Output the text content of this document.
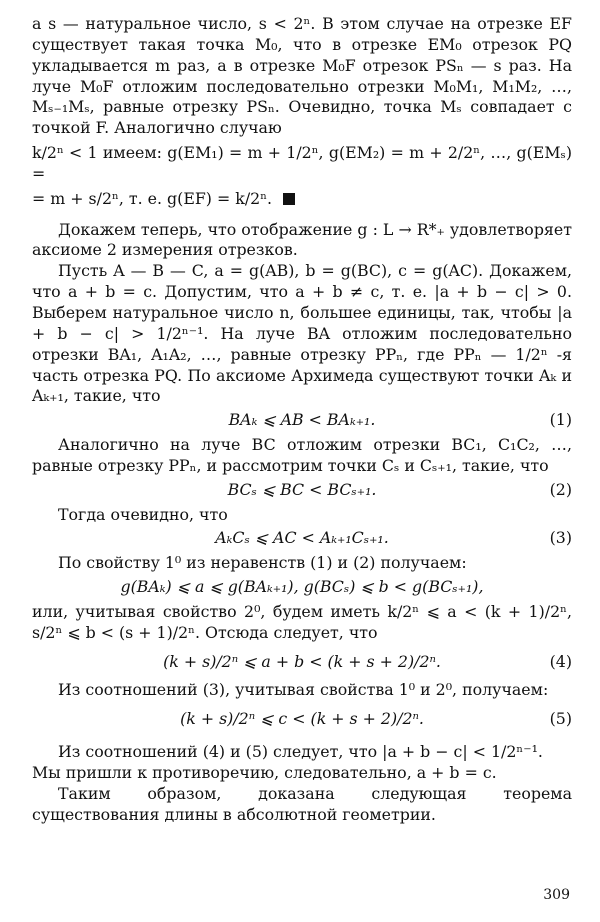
a s — натуральное число, s < 2ⁿ. В этом случае на отрезке EF существует такая точка M₀, что в отрезке EM₀ отрезок PQ укладывается m раз, а в отрезке M₀F отрезок PSₙ — s раз. На луче M₀F отложим последовательно отрезки M₀M₁, M₁M₂, …, Mₛ₋₁Mₛ, равные отрезку PSₙ. Очевидно, точка Mₛ совпадает с точкой F. Аналогично случаю

k/2ⁿ < 1 имеем: g(EM₁) = m + 1/2ⁿ, g(EM₂) = m + 2/2ⁿ, …, g(EMₛ) =

= m + s/2ⁿ, т. е. g(EF) = k/2ⁿ.

Докажем теперь, что отображение g : L → R*₊ удовлетворяет аксиоме 2 измерения отрезков.

Пусть A — B — C, a = g(AB), b = g(BC), c = g(AC). Докажем, что a + b = c. Допустим, что a + b ≠ c, т. е. |a + b − c| > 0. Выберем натуральное число n, большее единицы, так, чтобы |a + b − c| > 1/2ⁿ⁻¹. На луче BA отложим последовательно отрезки BA₁, A₁A₂, …, равные отрезку PPₙ, где PPₙ — 1/2ⁿ -я часть отрезка PQ. По аксиоме Архимеда существуют точки Aₖ и Aₖ₊₁, такие, что

BAₖ ⩽ AB < BAₖ₊₁.	(1)

Аналогично на луче BC отложим отрезки BC₁, C₁C₂, …, равные отрезку PPₙ, и рассмотрим точки Cₛ и Cₛ₊₁, такие, что

BCₛ ⩽ BC < BCₛ₊₁.	(2)

Тогда очевидно, что

AₖCₛ ⩽ AC < Aₖ₊₁Cₛ₊₁.	(3)

По свойству 1⁰ из неравенств (1) и (2) получаем:

g(BAₖ) ⩽ a ⩽ g(BAₖ₊₁), g(BCₛ) ⩽ b < g(BCₛ₊₁),

или, учитывая свойство 2⁰, будем иметь k/2ⁿ ⩽ a < (k + 1)/2ⁿ, s/2ⁿ ⩽ b < (s + 1)/2ⁿ. Отсюда следует, что

(k + s)/2ⁿ ⩽ a + b < (k + s + 2)/2ⁿ.	(4)

Из соотношений (3), учитывая свойства 1⁰ и 2⁰, получаем:

(k + s)/2ⁿ ⩽ c < (k + s + 2)/2ⁿ.	(5)

Из соотношений (4) и (5) следует, что |a + b − c| < 1/2ⁿ⁻¹.

Мы пришли к противоречию, следовательно, a + b = c.

Таким образом, доказана следующая теорема существования длины в абсолютной геометрии.

309
